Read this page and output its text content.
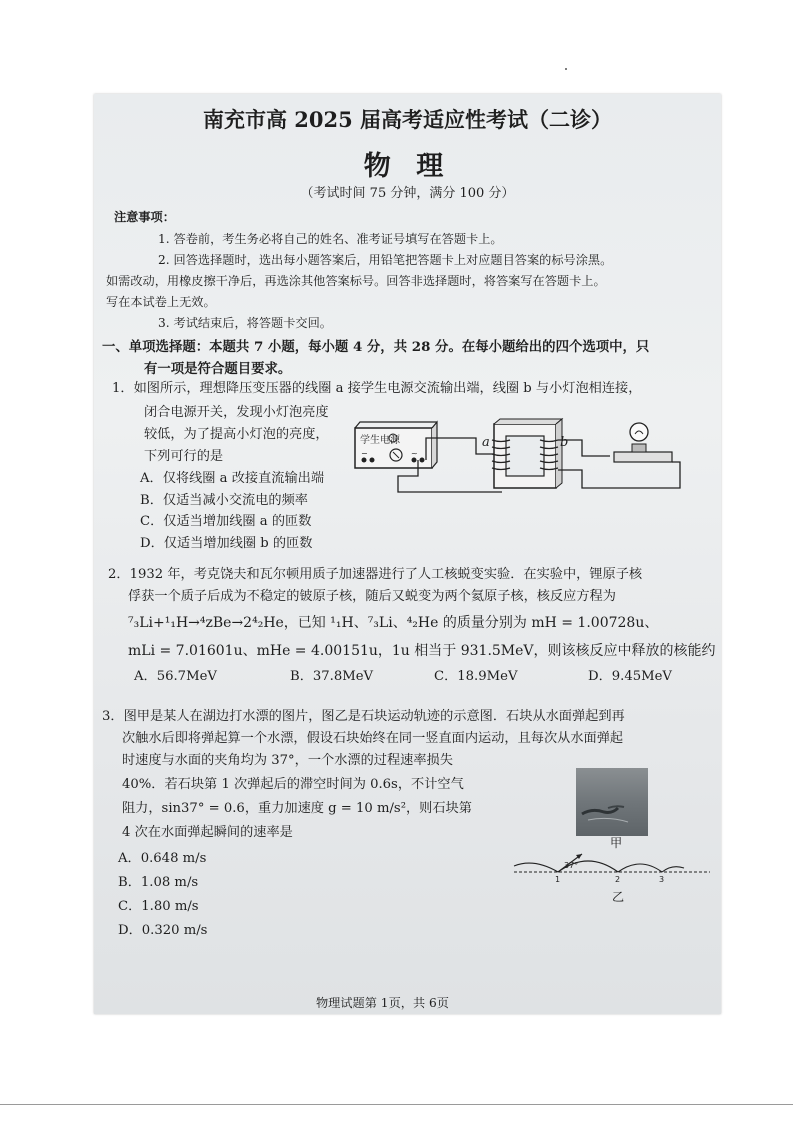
南充市高 2025 届高考适应性考试（二诊）
物 理
（考试时间 75 分钟，满分 100 分）
注意事项：
1. 答卷前，考生务必将自己的姓名、准考证号填写在答题卡上。
2. 回答选择题时，选出每小题答案后，用铅笔把答题卡上对应题目答案的标号涂黑。
如需改动，用橡皮擦干净后，再选涂其他答案标号。回答非选择题时，将答案写在答题卡上。
写在本试卷上无效。
3. 考试结束后，将答题卡交回。
一、单项选择题：本题共 7 小题，每小题 4 分，共 28 分。在每小题给出的四个选项中，只
有一项是符合题目要求。
1．如图所示，理想降压变压器的线圈 a 接学生电源交流输出端，线圈 b 与小灯泡相连接，
闭合电源开关，发现小灯泡亮度
较低，为了提高小灯泡的亮度，
下列可行的是
A．仅将线圈 a 改接直流输出端
B．仅适当减小交流电的频率
C．仅适当增加线圈 a 的匝数
D．仅适当增加线圈 b 的匝数
学生电源
−	~
a	b
2．1932 年，考克饶夫和瓦尔顿用质子加速器进行了人工核蜕变实验．在实验中，锂原子核
俘获一个质子后成为不稳定的铍原子核，随后又蜕变为两个氦原子核，核反应方程为
⁷₃Li+¹₁H→⁴ᴢBe→2⁴₂He，已知 ¹₁H、⁷₃Li、⁴₂He 的质量分别为 mH = 1.00728u、
mLi = 7.01601u、mHe = 4.00151u，1u 相当于 931.5MeV，则该核反应中释放的核能约
A．56.7MeV	B．37.8MeV	C．18.9MeV	D．9.45MeV
3．图甲是某人在湖边打水漂的图片，图乙是石块运动轨迹的示意图．石块从水面弹起到再
次触水后即将弹起算一个水漂，假设石块始终在同一竖直面内运动，且每次从水面弹起
时速度与水面的夹角均为 37°，一个水漂的过程速率损失
40%．若石块第 1 次弹起后的滞空时间为 0.6s，不计空气
阻力，sin37° = 0.6，重力加速度 g = 10 m/s²，则石块第
4 次在水面弹起瞬间的速率是
A．0.648 m/s
B．1.08 m/s
C．1.80 m/s
D．0.320 m/s
甲
37°
1	2	3
乙
物理试题第 1页，共 6页
